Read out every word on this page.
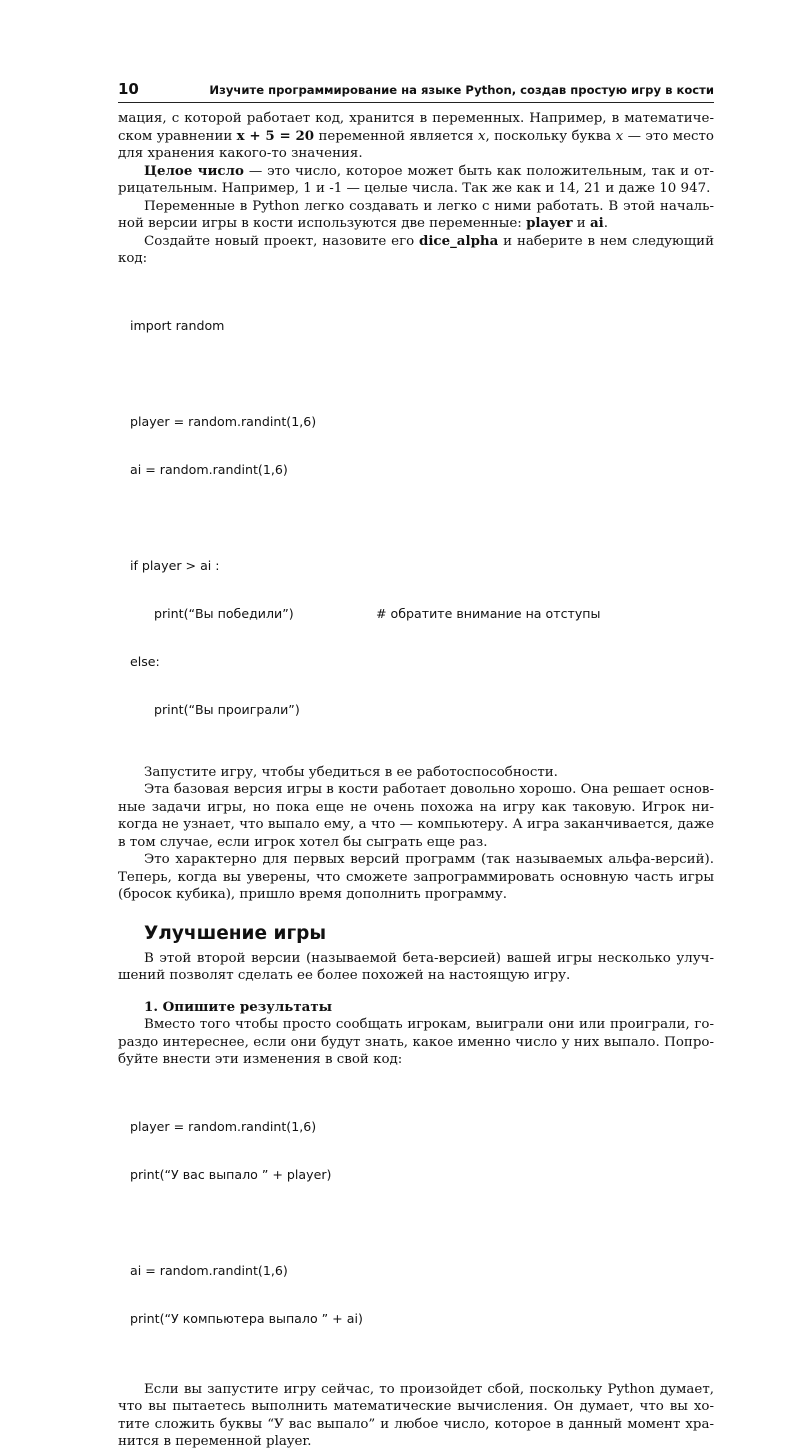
10	Изучите программирование на языке Python, создав простую игру в кости

мация, с которой работает код, хранится в переменных. Например, в математиче-ском уравнении x + 5 = 20 переменной является x, поскольку буква x — это место для хранения какого-то значения.

Целое число — это число, которое может быть как положительным, так и от-рицательным. Например, 1 и -1 — целые числа. Так же как и 14, 21 и даже 10 947.

Переменные в Python легко создавать и легко с ними работать. В этой началь-ной версии игры в кости используются две переменные: player и ai.

Создайте новый проект, назовите его dice_alpha и наберите в нем следующий код:

import random

player = random.randint(1,6)

ai = random.randint(1,6)

if player > ai :

print(“Вы победили”)	# обратите внимание на отступы

else:

print(“Вы проиграли”)

Запустите игру, чтобы убедиться в ее работоспособности.

Эта базовая версия игры в кости работает довольно хорошо. Она решает основ-ные задачи игры, но пока еще не очень похожа на игру как таковую. Игрок ни-когда не узнает, что выпало ему, а что — компьютеру. А игра заканчивается, даже в том случае, если игрок хотел бы сыграть еще раз.

Это характерно для первых версий программ (так называемых альфа-версий). Теперь, когда вы уверены, что сможете запрограммировать основную часть игры (бросок кубика), пришло время дополнить программу.

Улучшение игры

В этой второй версии (называемой бета-версией) вашей игры несколько улуч-шений позволят сделать ее более похожей на настоящую игру.

1. Опишите результаты

Вместо того чтобы просто сообщать игрокам, выиграли они или проиграли, го-раздо интереснее, если они будут знать, какое именно число у них выпало. Попро-буйте внести эти изменения в свой код:

player = random.randint(1,6)

print(“У вас выпало ” + player)

ai = random.randint(1,6)

print(“У компьютера выпало ” + ai)

Если вы запустите игру сейчас, то произойдет сбой, поскольку Python думает, что вы пытаетесь выполнить математические вычисления. Он думает, что вы хо-тите сложить буквы “У вас выпало” и любое число, которое в данный момент хра-нится в переменной player.
